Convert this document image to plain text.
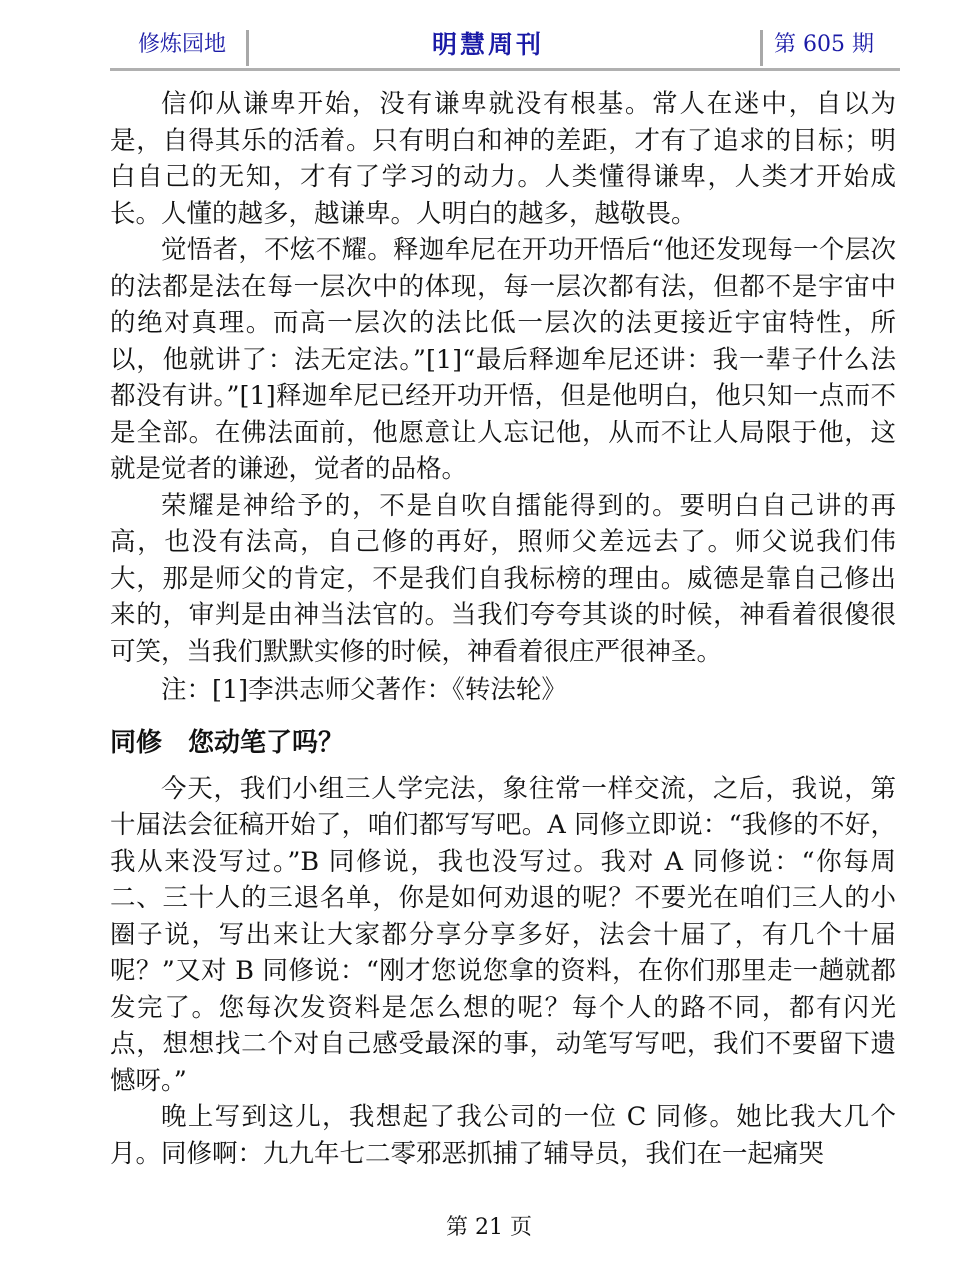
修炼园地	明慧周刊	第 605 期

信仰从谦卑开始，没有谦卑就没有根基。常人在迷中，自以为是，自得其乐的活着。只有明白和神的差距，才有了追求的目标；明白自己的无知，才有了学习的动力。人类懂得谦卑，人类才开始成长。人懂的越多，越谦卑。人明白的越多，越敬畏。

觉悟者，不炫不耀。释迦牟尼在开功开悟后“他还发现每一个层次的法都是法在每一层次中的体现，每一层次都有法，但都不是宇宙中的绝对真理。而高一层次的法比低一层次的法更接近宇宙特性，所以，他就讲了：法无定法。”[1]“最后释迦牟尼还讲：我一辈子什么法都没有讲。”[1]释迦牟尼已经开功开悟，但是他明白，他只知一点而不是全部。在佛法面前，他愿意让人忘记他，从而不让人局限于他，这就是觉者的谦逊，觉者的品格。

荣耀是神给予的，不是自吹自擂能得到的。要明白自己讲的再高，也没有法高，自己修的再好，照师父差远去了。师父说我们伟大，那是师父的肯定，不是我们自我标榜的理由。威德是靠自己修出来的，审判是由神当法官的。当我们夸夸其谈的时候，神看着很傻很可笑，当我们默默实修的时候，神看着很庄严很神圣。

注：[1]李洪志师父著作：《转法轮》

同修　您动笔了吗？

今天，我们小组三人学完法，象往常一样交流，之后，我说，第十届法会征稿开始了，咱们都写写吧。A 同修立即说：“我修的不好，我从来没写过。”B 同修说，我也没写过。我对 A 同修说：“你每周二、三十人的三退名单，你是如何劝退的呢？不要光在咱们三人的小圈子说，写出来让大家都分享分享多好，法会十届了，有几个十届呢？”又对 B 同修说：“刚才您说您拿的资料，在你们那里走一趟就都发完了。您每次发资料是怎么想的呢？每个人的路不同，都有闪光点，想想找二个对自己感受最深的事，动笔写写吧，我们不要留下遗憾呀。”

晚上写到这儿，我想起了我公司的一位 C 同修。她比我大几个月。同修啊：九九年七二零邪恶抓捕了辅导员，我们在一起痛哭

第 21 页
